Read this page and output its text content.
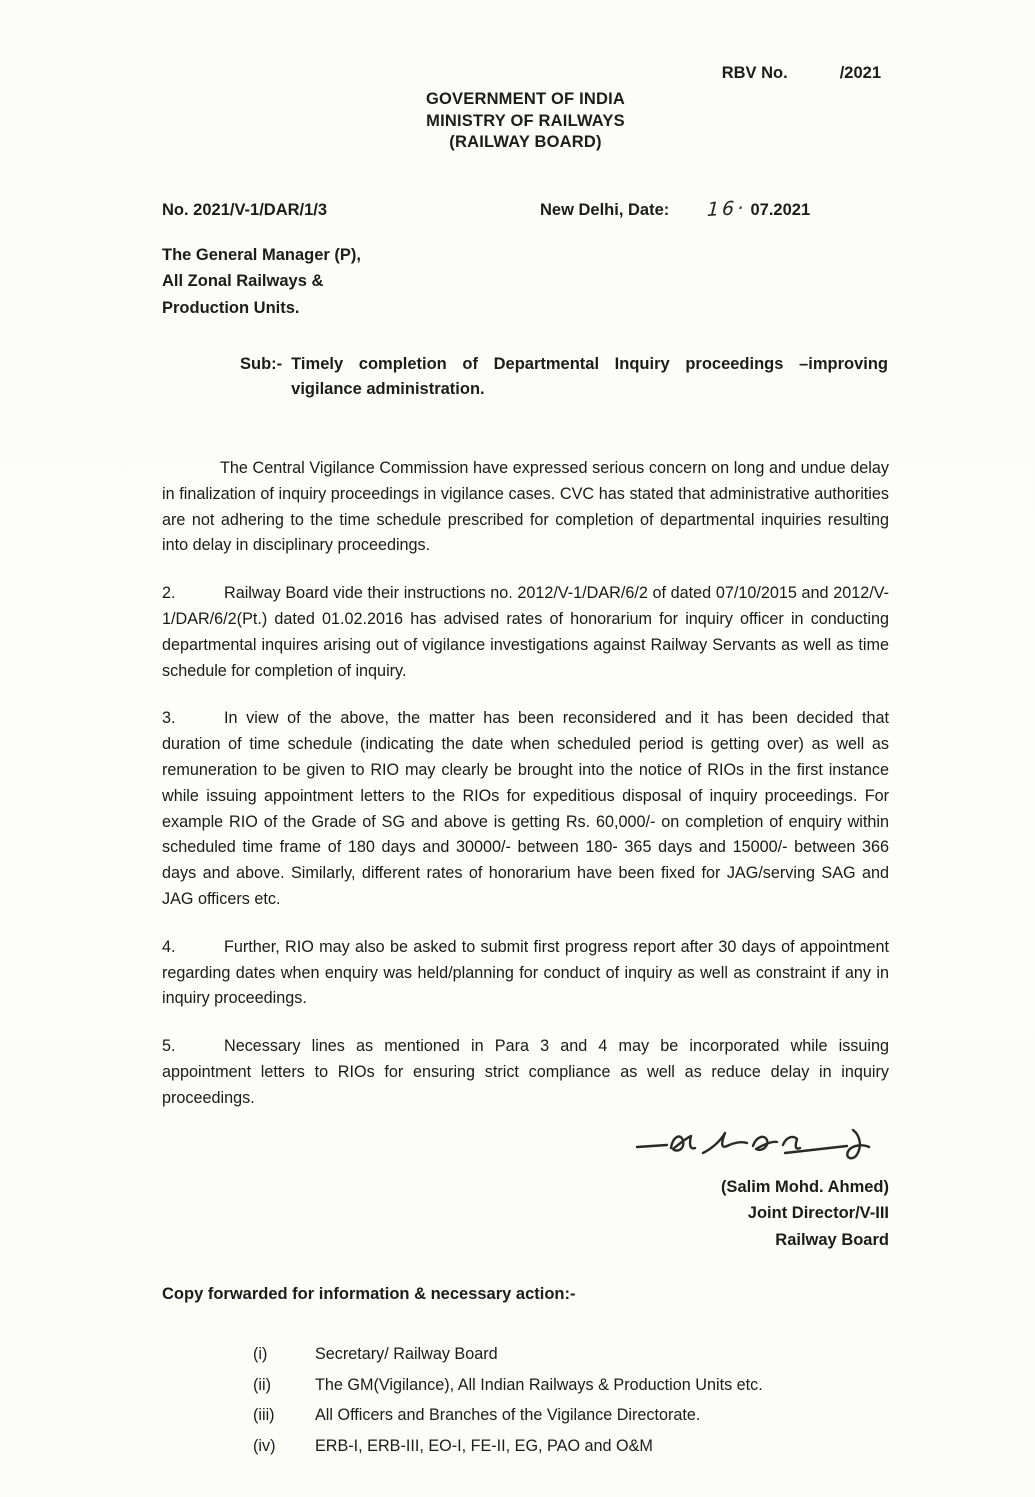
RBV No.	/2021
GOVERNMENT OF INDIA
MINISTRY OF RAILWAYS
(RAILWAY BOARD)
No. 2021/V-1/DAR/1/3	New Delhi, Date: 16· 07.2021
The General Manager (P),
All Zonal Railways &
Production Units.
Sub:- Timely completion of Departmental Inquiry proceedings –improving vigilance administration.

The Central Vigilance Commission have expressed serious concern on long and undue delay in finalization of inquiry proceedings in vigilance cases. CVC has stated that administrative authorities are not adhering to the time schedule prescribed for completion of departmental inquiries resulting into delay in disciplinary proceedings.

2.	Railway Board vide their instructions no. 2012/V-1/DAR/6/2 of dated 07/10/2015 and 2012/V-1/DAR/6/2(Pt.) dated 01.02.2016 has advised rates of honorarium for inquiry officer in conducting departmental inquires arising out of vigilance investigations against Railway Servants as well as time schedule for completion of inquiry.

3.	In view of the above, the matter has been reconsidered and it has been decided that duration of time schedule (indicating the date when scheduled period is getting over) as well as remuneration to be given to RIO may clearly be brought into the notice of RIOs in the first instance while issuing appointment letters to the RIOs for expeditious disposal of inquiry proceedings. For example RIO of the Grade of SG and above is getting Rs. 60,000/- on completion of enquiry within scheduled time frame of 180 days and 30000/- between 180- 365 days and 15000/- between 366 days and above. Similarly, different rates of honorarium have been fixed for JAG/serving SAG and JAG officers etc.

4.	Further, RIO may also be asked to submit first progress report after 30 days of appointment regarding dates when enquiry was held/planning for conduct of inquiry as well as constraint if any in inquiry proceedings.

5.	Necessary lines as mentioned in Para 3 and 4 may be incorporated while issuing appointment letters to RIOs for ensuring strict compliance as well as reduce delay in inquiry proceedings.

(Salim Mohd. Ahmed)
Joint Director/V-III
Railway Board
Copy forwarded for information & necessary action:-
(i)	Secretary/ Railway Board
(ii)	The GM(Vigilance), All Indian Railways & Production Units etc.
(iii)	All Officers and Branches of the Vigilance Directorate.
(iv)	ERB-I, ERB-III, EO-I, FE-II, EG, PAO and O&M
